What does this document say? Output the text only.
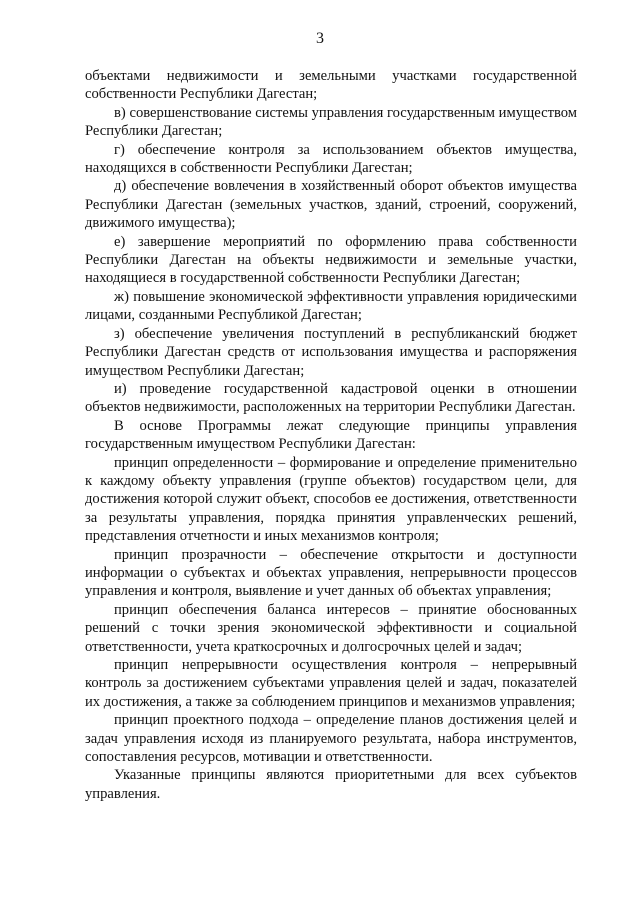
3

объектами недвижимости и земельными участками государственной собственности Республики Дагестан;

в) совершенствование системы управления государственным имуществом Республики Дагестан;

г) обеспечение контроля за использованием объектов имущества, находящихся в собственности Республики Дагестан;

д) обеспечение вовлечения в хозяйственный оборот объектов имущества Республики Дагестан (земельных участков, зданий, строений, сооружений, движимого имущества);

е) завершение мероприятий по оформлению права собственности Республики Дагестан на объекты недвижимости и земельные участки, находящиеся в государственной собственности Республики Дагестан;

ж) повышение экономической эффективности управления юридическими лицами, созданными Республикой Дагестан;

з) обеспечение увеличения поступлений в республиканский бюджет Республики Дагестан средств от использования имущества и распоряжения имуществом Республики Дагестан;

и) проведение государственной кадастровой оценки в отношении объектов недвижимости, расположенных на территории Республики Дагестан.

В основе Программы лежат следующие принципы управления государственным имуществом Республики Дагестан:

принцип определенности – формирование и определение применительно к каждому объекту управления (группе объектов) государством цели, для достижения которой служит объект, способов ее достижения, ответственности за результаты управления, порядка принятия управленческих решений, представления отчетности и иных механизмов контроля;

принцип прозрачности – обеспечение открытости и доступности информации о субъектах и объектах управления, непрерывности процессов управления и контроля, выявление и учет данных об объектах управления;

принцип обеспечения баланса интересов – принятие обоснованных решений с точки зрения экономической эффективности и социальной ответственности, учета краткосрочных и долгосрочных целей и задач;

принцип непрерывности осуществления контроля – непрерывный контроль за достижением субъектами управления целей и задач, показателей их достижения, а также за соблюдением принципов и механизмов управления;

принцип проектного подхода – определение планов достижения целей и задач управления исходя из планируемого результата, набора инструментов, сопоставления ресурсов, мотивации и ответственности.

Указанные принципы являются приоритетными для всех субъектов управления.
